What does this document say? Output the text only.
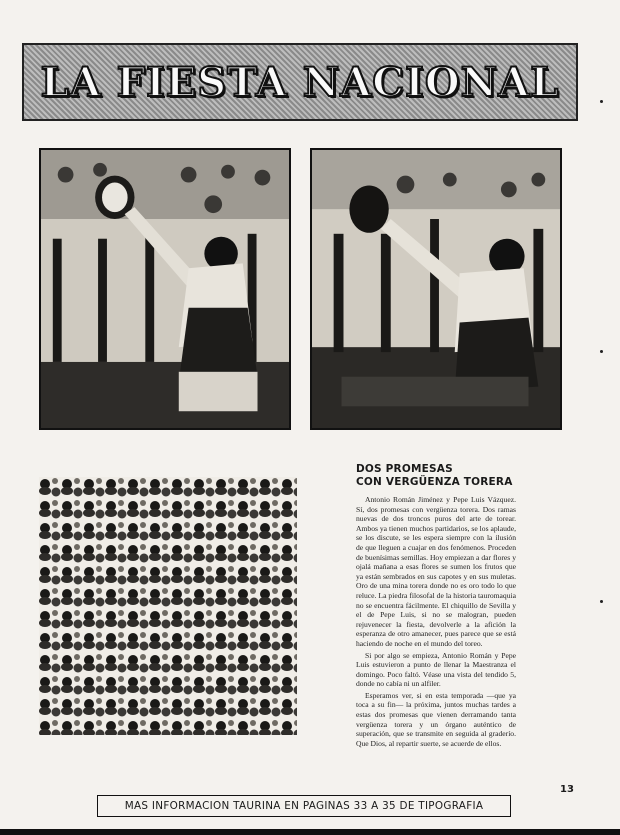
LA FIESTA NACIONAL
DOS PROMESAS
CON VERGÜENZA TORERA

Antonio Román Jiménez y Pepe Luis Vázquez. Sí, dos promesas con vergüenza torera. Dos ramas nuevas de dos troncos puros del arte de torear. Ambos ya tienen muchos partidarios, se los aplaude, se los discute, se les espera siempre con la ilusión de que lleguen a cuajar en dos fenómenos. Proceden de buenísimas semillas. Hoy empiezan a dar flores y ojalá mañana a esas flores se sumen los frutos que ya están sembrados en sus capotes y en sus muletas. Oro de una mina torera donde no es oro todo lo que reluce. La piedra filosofal de la historia tauromaquia no se encuentra fácilmente. El chiquillo de Sevilla y el de Pepe Luis, si no se malogran, pueden rejuvenecer la fiesta, devolverle a la afición la esperanza de otro amanecer, pues parece que se está haciendo de noche en el mundo del toreo.

Si por algo se empieza, Antonio Román y Pepe Luis estuvieron a punto de llenar la Maestranza el domingo. Poco faltó. Véase una vista del tendido 5, donde no cabía ni un alfiler.

Esperamos ver, si en esta temporada —que ya toca a su fin— la próxima, juntos muchas tardes a estas dos promesas que vienen derramando tanta vergüenza torera y un órgano auténtico de superación, que se transmite en seguida al graderío. Que Dios, al repartir suerte, se acuerde de ellos.

MAS INFORMACION TAURINA EN PAGINAS 33 A 35 DE TIPOGRAFIA
13
